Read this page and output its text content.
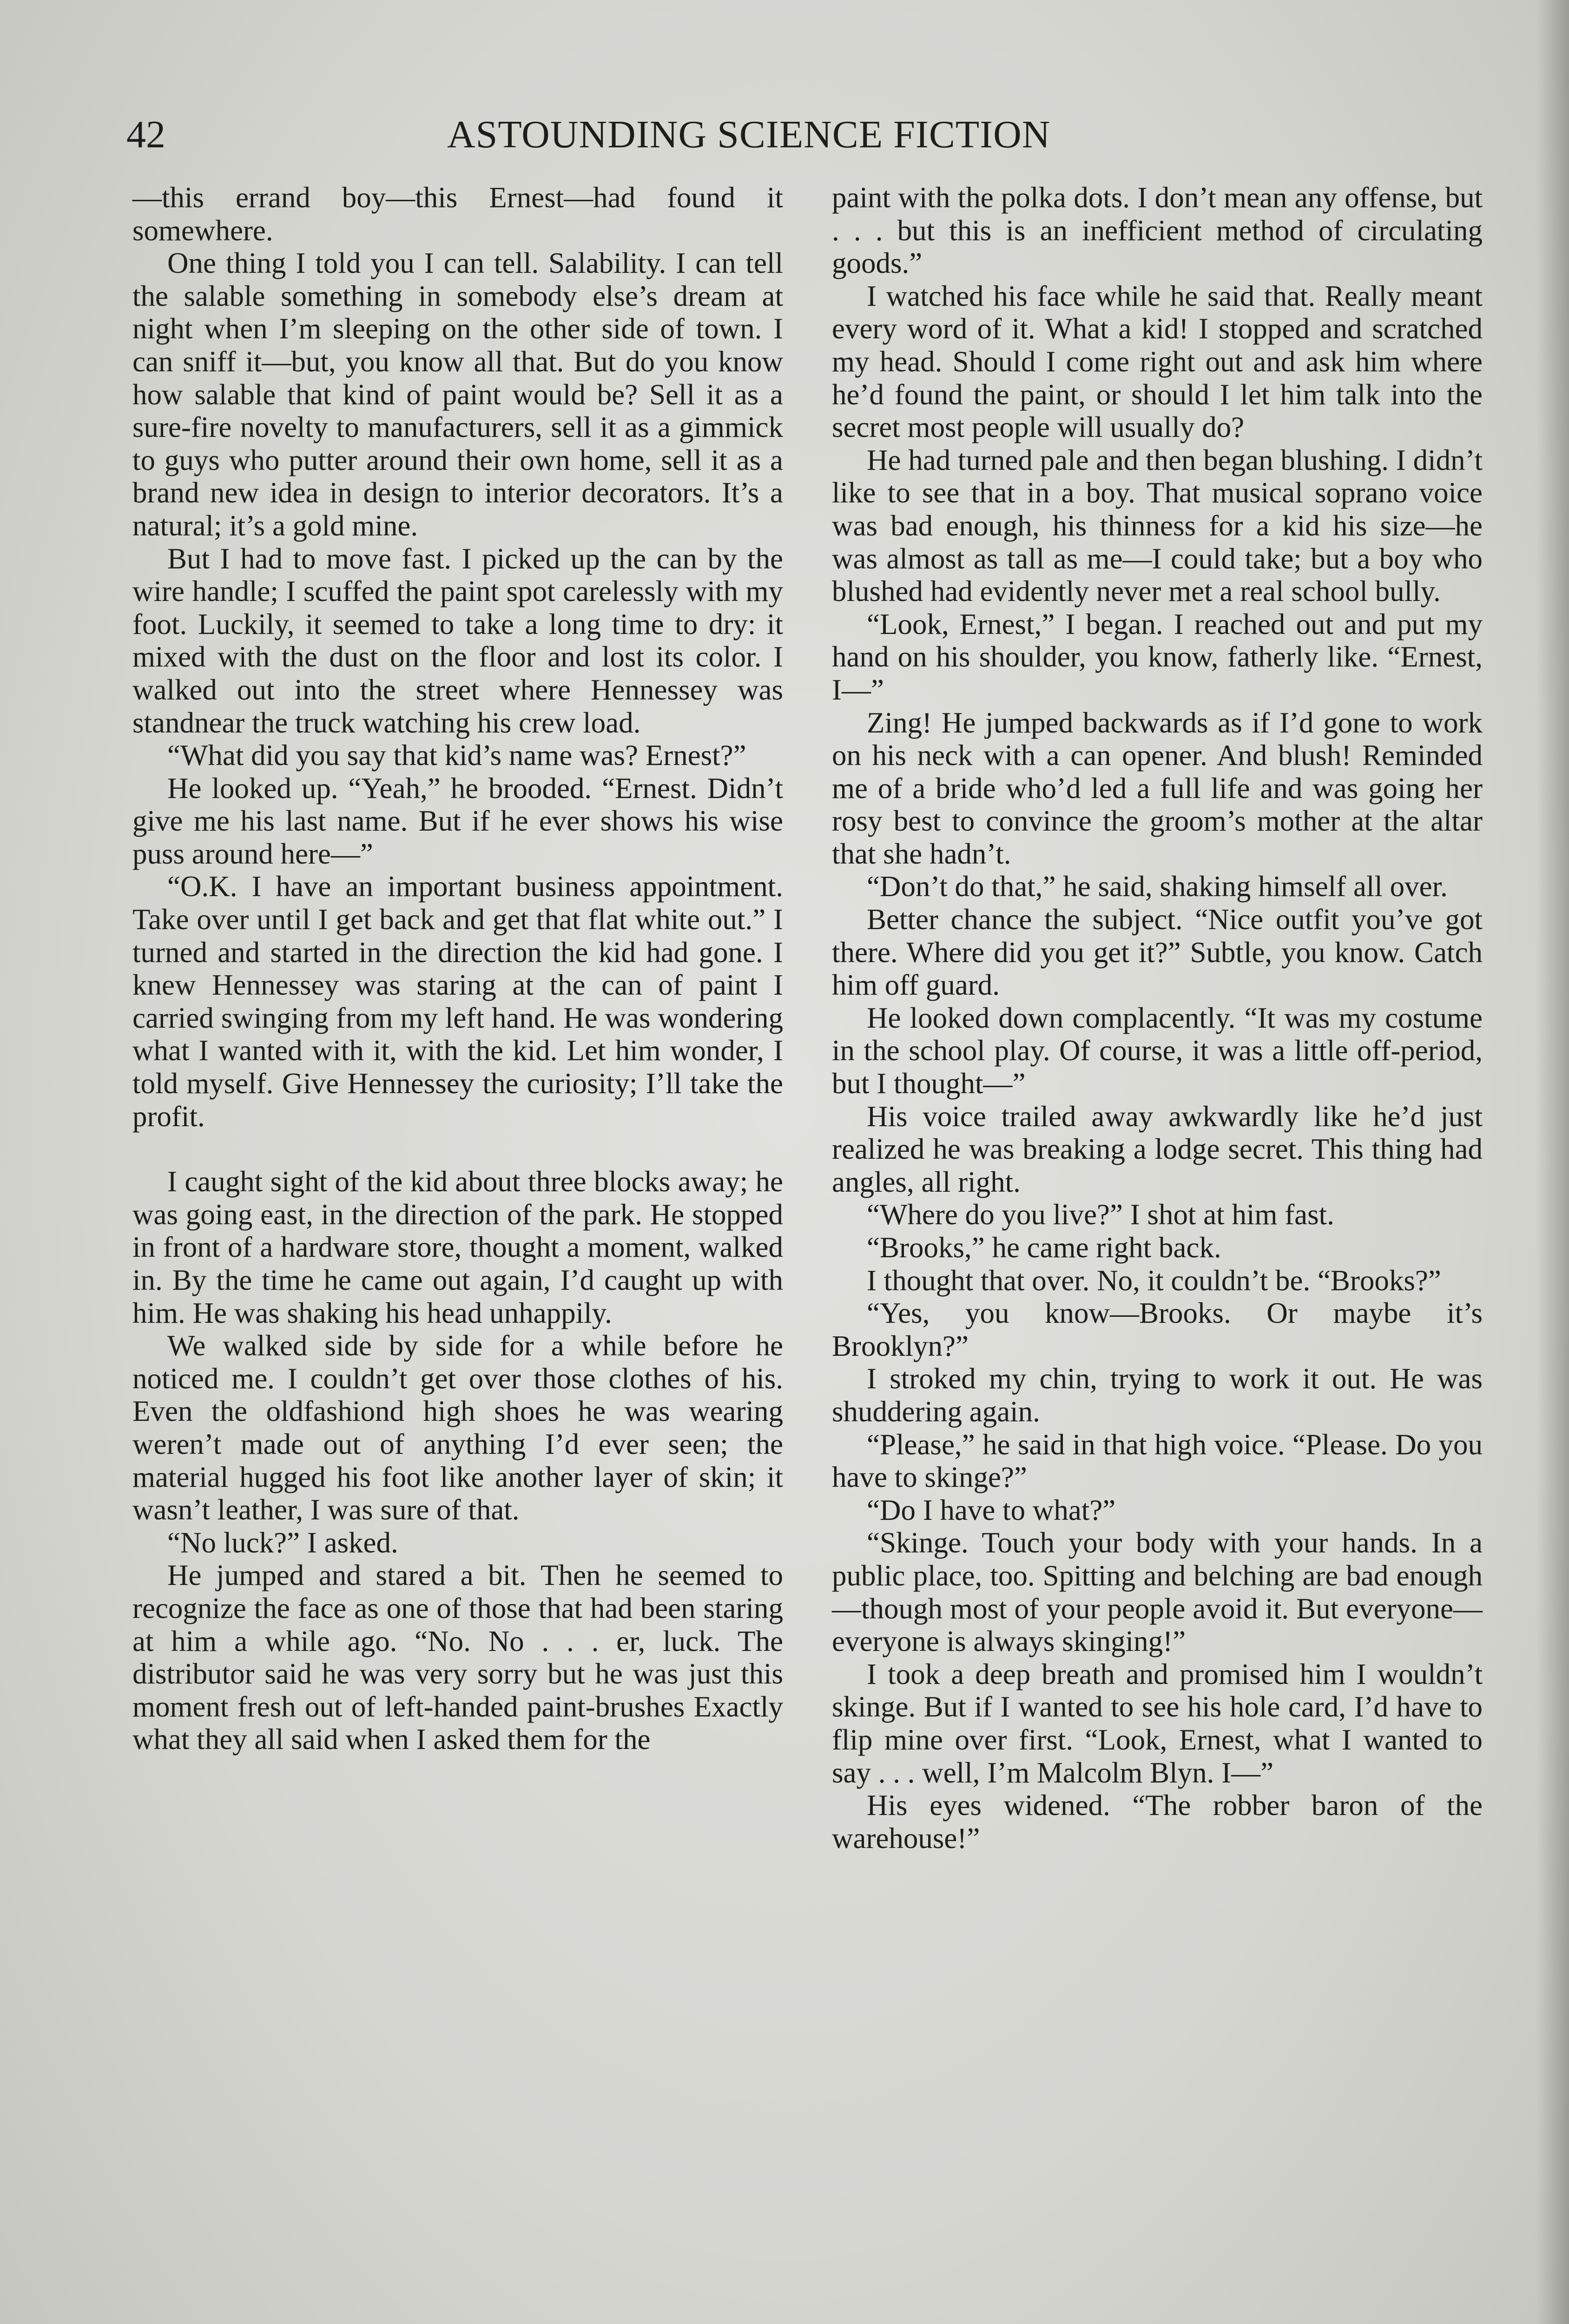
42	ASTOUNDING SCIENCE FICTION

—this errand boy—this Ernest—had found it somewhere.

One thing I told you I can tell. Salability. I can tell the salable something in somebody else’s dream at night when I’m sleeping on the other side of town. I can sniff it—but, you know all that. But do you know how salable that kind of paint would be? Sell it as a sure-fire novelty to manufacturers, sell it as a gimmick to guys who putter around their own home, sell it as a brand new idea in design to interior decorators. It’s a natural; it’s a gold mine.

But I had to move fast. I picked up the can by the wire handle; I scuffed the paint spot carelessly with my foot. Luckily, it seemed to take a long time to dry: it mixed with the dust on the floor and lost its color. I walked out into the street where Hennessey was standnear the truck watching his crew load.

“What did you say that kid’s name was? Ernest?”

He looked up. “Yeah,” he brooded. “Ernest. Didn’t give me his last name. But if he ever shows his wise puss around here—”

“O.K. I have an important business appointment. Take over until I get back and get that flat white out.” I turned and started in the direction the kid had gone. I knew Hennessey was staring at the can of paint I carried swinging from my left hand. He was wondering what I wanted with it, with the kid. Let him wonder, I told myself. Give Hennessey the curiosity; I’ll take the profit.

I caught sight of the kid about three blocks away; he was going east, in the direction of the park. He stopped in front of a hardware store, thought a moment, walked in. By the time he came out again, I’d caught up with him. He was shaking his head unhappily.

We walked side by side for a while before he noticed me. I couldn’t get over those clothes of his. Even the oldfashiond high shoes he was wearing weren’t made out of anything I’d ever seen; the material hugged his foot like another layer of skin; it wasn’t leather, I was sure of that.

“No luck?” I asked.

He jumped and stared a bit. Then he seemed to recognize the face as one of those that had been staring at him a while ago. “No. No . . . er, luck. The distributor said he was very sorry but he was just this moment fresh out of left-handed paint-brushes Exactly what they all said when I asked them for the

paint with the polka dots. I don’t mean any offense, but . . . but this is an inefficient method of circulating goods.”

I watched his face while he said that. Really meant every word of it. What a kid! I stopped and scratched my head. Should I come right out and ask him where he’d found the paint, or should I let him talk into the secret most people will usually do?

He had turned pale and then began blushing. I didn’t like to see that in a boy. That musical soprano voice was bad enough, his thinness for a kid his size—he was almost as tall as me—I could take; but a boy who blushed had evidently never met a real school bully.

“Look, Ernest,” I began. I reached out and put my hand on his shoulder, you know, fatherly like. “Ernest, I—”

Zing! He jumped backwards as if I’d gone to work on his neck with a can opener. And blush! Reminded me of a bride who’d led a full life and was going her rosy best to convince the groom’s mother at the altar that she hadn’t.

“Don’t do that,” he said, shaking himself all over.

Better chance the subject. “Nice outfit you’ve got there. Where did you get it?” Subtle, you know. Catch him off guard.

He looked down complacently. “It was my costume in the school play. Of course, it was a little off-period, but I thought—”

His voice trailed away awkwardly like he’d just realized he was breaking a lodge secret. This thing had angles, all right.

“Where do you live?” I shot at him fast.

“Brooks,” he came right back.

I thought that over. No, it couldn’t be. “Brooks?”

“Yes, you know—Brooks. Or maybe it’s Brooklyn?”

I stroked my chin, trying to work it out. He was shuddering again.

“Please,” he said in that high voice. “Please. Do you have to skinge?”

“Do I have to what?”

“Skinge. Touch your body with your hands. In a public place, too. Spitting and belching are bad enough—though most of your people avoid it. But everyone—everyone is always skinging!”

I took a deep breath and promised him I wouldn’t skinge. But if I wanted to see his hole card, I’d have to flip mine over first. “Look, Ernest, what I wanted to say . . . well, I’m Malcolm Blyn. I—”

His eyes widened. “The robber baron of the warehouse!”
